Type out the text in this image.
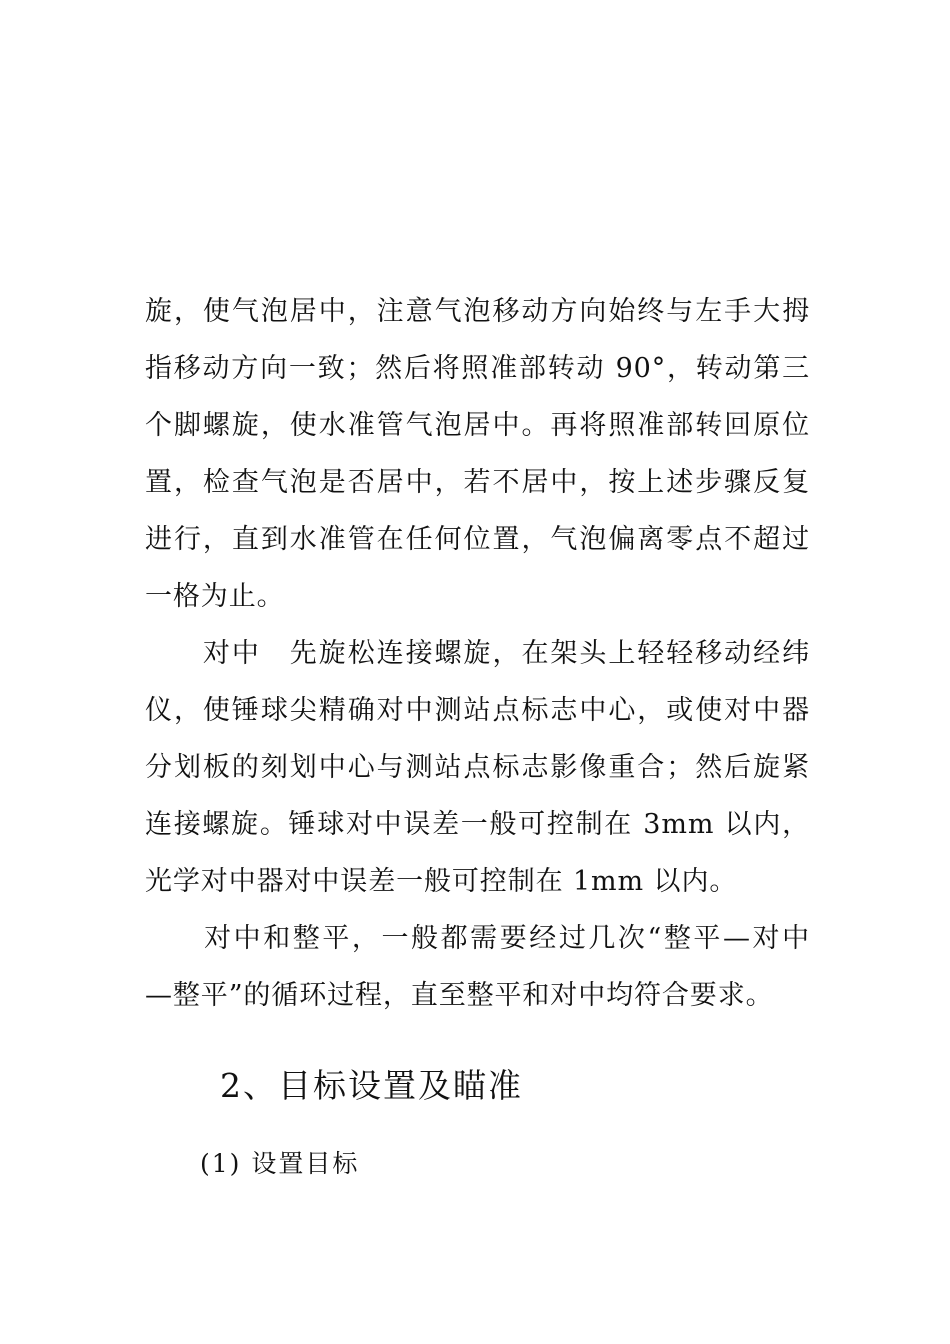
旋，使气泡居中，注意气泡移动方向始终与左手大拇
指移动方向一致；然后将照准部转动 90°，转动第三
个脚螺旋，使水准管气泡居中。再将照准部转回原位
置，检查气泡是否居中，若不居中，按上述步骤反复
进行，直到水准管在任何位置，气泡偏离零点不超过
一格为止。
　　对中　先旋松连接螺旋，在架头上轻轻移动经纬
仪，使锤球尖精确对中测站点标志中心，或使对中器
分划板的刻划中心与测站点标志影像重合；然后旋紧
连接螺旋。锤球对中误差一般可控制在 3mm 以内，
光学对中器对中误差一般可控制在 1mm 以内。
　　对中和整平，一般都需要经过几次“整平—对中
—整平”的循环过程，直至整平和对中均符合要求。
2、目标设置及瞄准
(1) 设置目标
